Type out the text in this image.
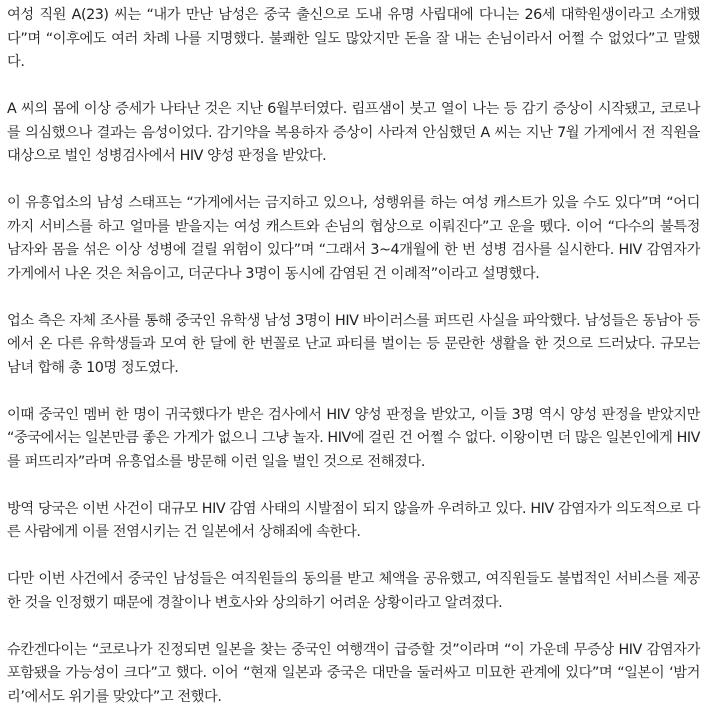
여성 직원 A(23) 씨는 “내가 만난 남성은 중국 출신으로 도내 유명 사립대에 다니는 26세 대학원생이라고 소개했다”며 “이후에도 여러 차례 나를 지명했다. 불쾌한 일도 많았지만 돈을 잘 내는 손님이라서 어쩔 수 없었다”고 말했다.

A 씨의 몸에 이상 증세가 나타난 것은 지난 6월부터였다. 림프샘이 붓고 열이 나는 등 감기 증상이 시작됐고, 코로나를 의심했으나 결과는 음성이었다. 감기약을 복용하자 증상이 사라져 안심했던 A 씨는 지난 7월 가게에서 전 직원을 대상으로 벌인 성병검사에서 HIV 양성 판정을 받았다.

이 유흥업소의 남성 스태프는 “가게에서는 금지하고 있으나, 성행위를 하는 여성 캐스트가 있을 수도 있다”며 “어디까지 서비스를 하고 얼마를 받을지는 여성 캐스트와 손님의 협상으로 이뤄진다”고 운을 뗐다. 이어 “다수의 불특정 남자와 몸을 섞은 이상 성병에 걸릴 위험이 있다”며 “그래서 3~4개월에 한 번 성병 검사를 실시한다. HIV 감염자가 가게에서 나온 것은 처음이고, 더군다나 3명이 동시에 감염된 건 이례적”이라고 설명했다.

업소 측은 자체 조사를 통해 중국인 유학생 남성 3명이 HIV 바이러스를 퍼뜨린 사실을 파악했다. 남성들은 동남아 등에서 온 다른 유학생들과 모여 한 달에 한 번꼴로 난교 파티를 벌이는 등 문란한 생활을 한 것으로 드러났다. 규모는 남녀 합해 총 10명 정도였다.

이때 중국인 멤버 한 명이 귀국했다가 받은 검사에서 HIV 양성 판정을 받았고, 이들 3명 역시 양성 판정을 받았지만 “중국에서는 일본만큼 좋은 가게가 없으니 그냥 놀자. HIV에 걸린 건 어쩔 수 없다. 이왕이면 더 많은 일본인에게 HIV를 퍼뜨리자”라며 유흥업소를 방문해 이런 일을 벌인 것으로 전해졌다.

방역 당국은 이번 사건이 대규모 HIV 감염 사태의 시발점이 되지 않을까 우려하고 있다. HIV 감염자가 의도적으로 다른 사람에게 이를 전염시키는 건 일본에서 상해죄에 속한다.

다만 이번 사건에서 중국인 남성들은 여직원들의 동의를 받고 체액을 공유했고, 여직원들도 불법적인 서비스를 제공한 것을 인정했기 때문에 경찰이나 변호사와 상의하기 어려운 상황이라고 알려졌다.

슈칸겐다이는 “코로나가 진정되면 일본을 찾는 중국인 여행객이 급증할 것”이라며 “이 가운데 무증상 HIV 감염자가 포함됐을 가능성이 크다”고 했다. 이어 “현재 일본과 중국은 대만을 둘러싸고 미묘한 관계에 있다”며 “일본이 ‘밤거리’에서도 위기를 맞았다”고 전했다.
